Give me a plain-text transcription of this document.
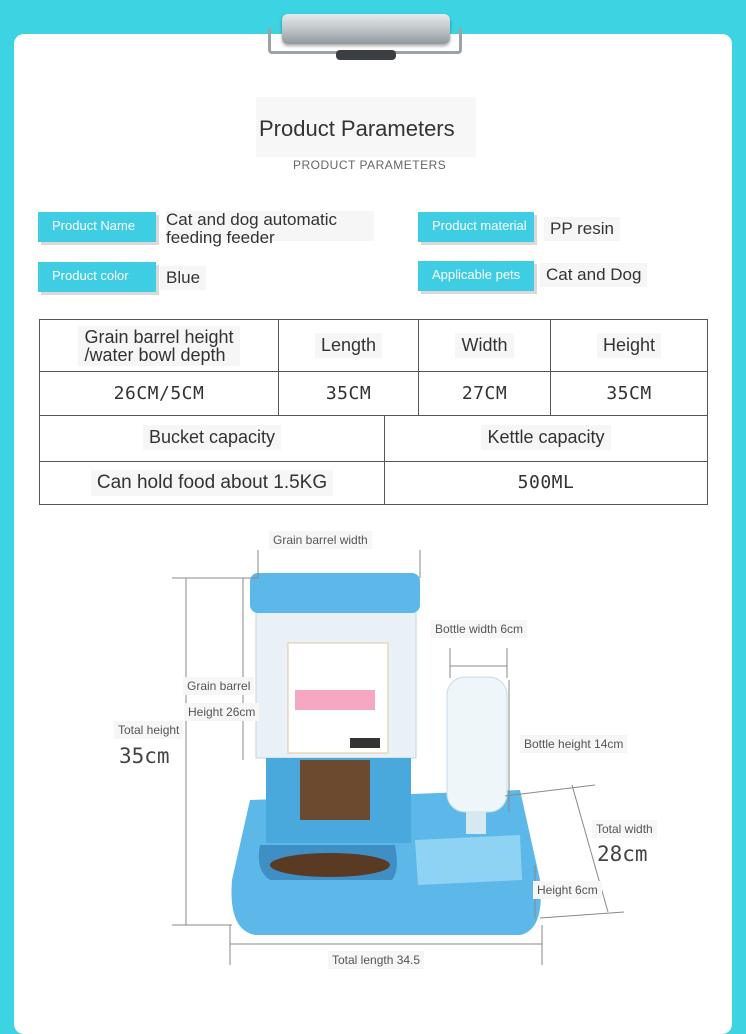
Product Parameters
PRODUCT PARAMETERS
Product Name	Cat and dog automatic
feeding feeder
Product material	PP resin
Product color	Blue	Applicable pets	Cat and Dog
Grain barrel height
/water bowl depth	Length	Width	Height
26CM/5CM	35CM	27CM	35CM
Bucket capacity	Kettle capacity
Can hold food about 1.5KG	500ML
Grain barrel width
Bottle width 6cm
Grain barrel
Height 26cm
Total height
35cm	Bottle height 14cm
Total width
28cm
Height 6cm
Total length 34.5
